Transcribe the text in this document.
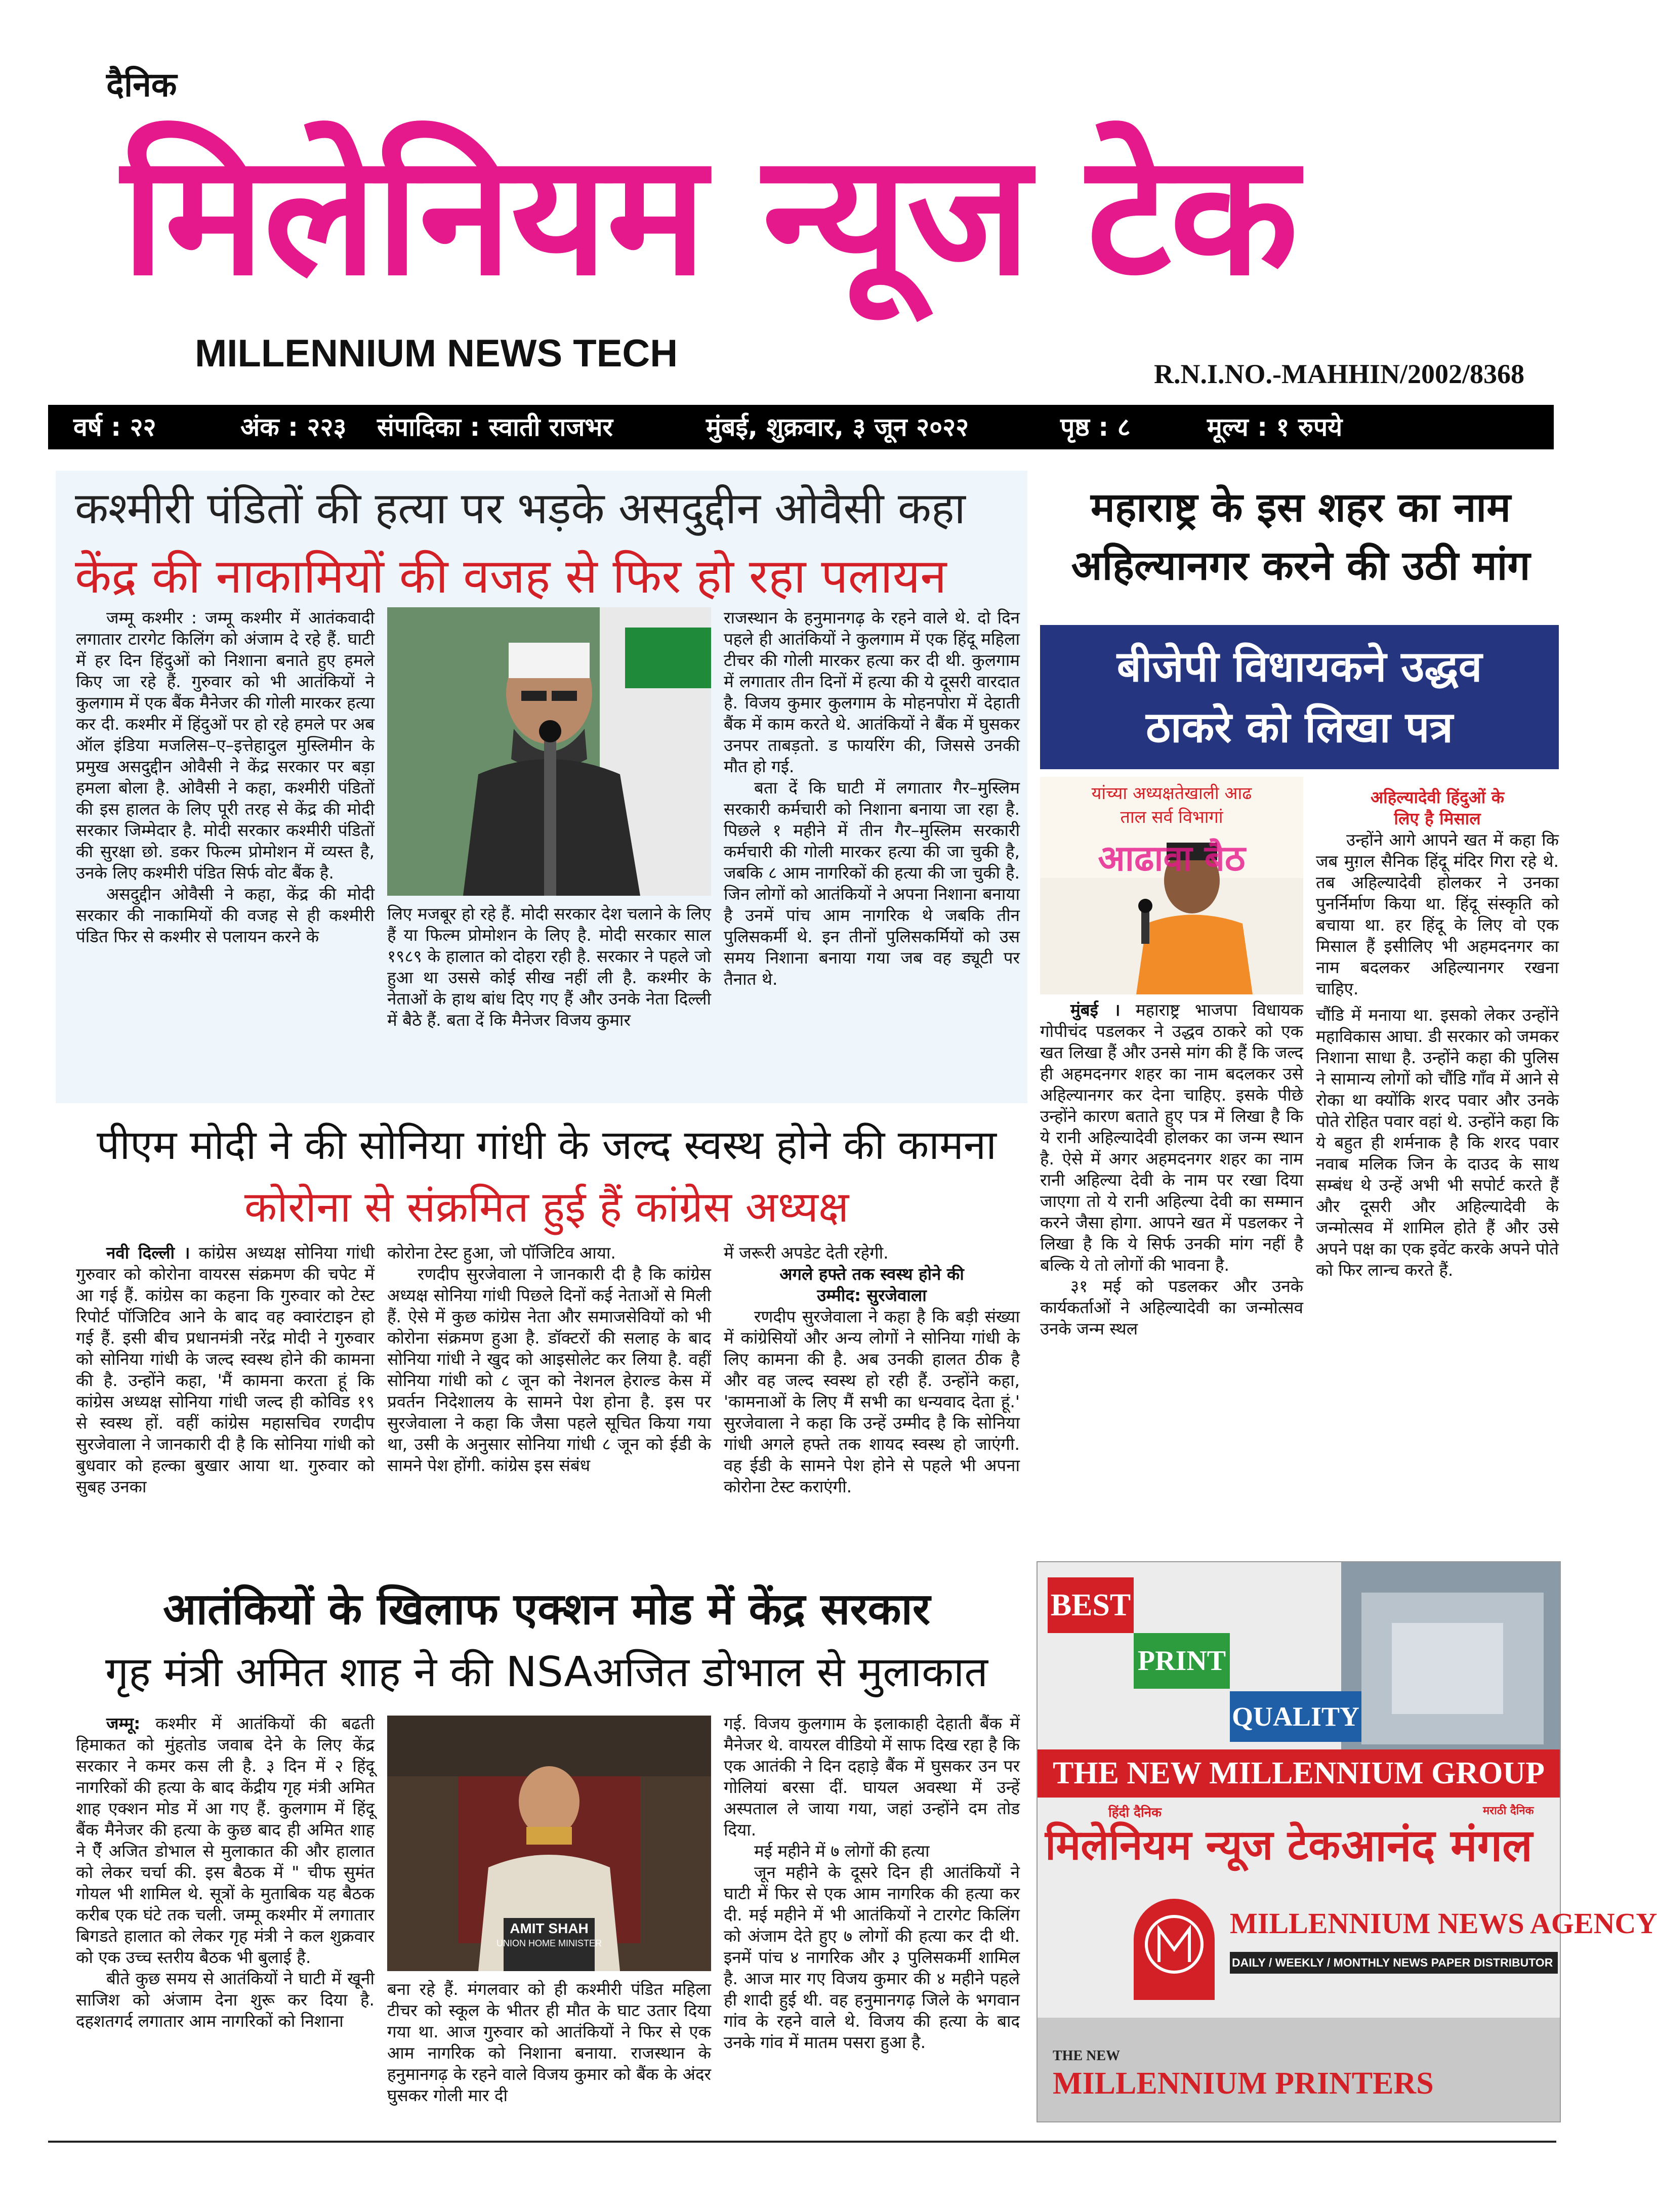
दैनिक
मिलेनियम न्यूज टेक
MILLENNIUM NEWS TECH	R.N.I.NO.-MAHHIN/2002/8368
वर्ष : २२	अंक : २२३ संपादिका : स्वाती राजभर	मुंबई, शुक्रवार, ३ जून २०२२	पृष्ठ : ८	मूल्य : १ रुपये
कश्मीरी पंडितों की हत्या पर भड़के असदुद्दीन ओवैसी कहा
केंद्र की नाकामियों की वजह से फिर हो रहा पलायन

जम्मू कश्मीर : जम्मू कश्मीर में आतंकवादी लगातार टारगेट किलिंग को अंजाम दे रहे हैं. घाटी में हर दिन हिंदुओं को निशाना बनाते हुए हमले किए जा रहे हैं. गुरुवार को भी आतंकियों ने कुलगाम में एक बैंक मैनेजर की गोली मारकर हत्या कर दी. कश्मीर में हिंदुओं पर हो रहे हमले पर अब ऑल इंडिया मजलिस–ए–इत्तेहादुल मुस्लिमीन के प्रमुख असदुद्दीन ओवैसी ने केंद्र सरकार पर बड़ा हमला बोला है. ओवैसी ने कहा, कश्मीरी पंडितों की इस हालत के लिए पूरी तरह से केंद्र की मोदी सरकार जिम्मेदार है. मोदी सरकार कश्मीरी पंडितों की सुरक्षा छो. डकर फिल्म प्रोमोशन में व्यस्त है, उनके लिए कश्मीरी पंडित सिर्फ वोट बैंक है.

असदुद्दीन ओवैसी ने कहा, केंद्र की मोदी सरकार की नाकामियों की वजह से ही कश्मीरी पंडित फिर से कश्मीर से पलायन करने के

लिए मजबूर हो रहे हैं. मोदी सरकार देश चलाने के लिए हैं या फिल्म प्रोमोशन के लिए है. मोदी सरकार साल १९८९ के हालात को दोहरा रही है. सरकार ने पहले जो हुआ था उससे कोई सीख नहीं ली है. कश्मीर के नेताओं के हाथ बांध दिए गए हैं और उनके नेता दिल्ली में बैठे हैं. बता दें कि मैनेजर विजय कुमार

राजस्थान के हनुमानगढ़ के रहने वाले थे. दो दिन पहले ही आतंकियों ने कुलगाम में एक हिंदू महिला टीचर की गोली मारकर हत्या कर दी थी. कुलगाम में लगातार तीन दिनों में हत्या की ये दूसरी वारदात है. विजय कुमार कुलगाम के मोहनपोरा में देहाती बैंक में काम करते थे. आतंकियों ने बैंक में घुसकर उनपर ताबड़तो. ड फायरिंग की, जिससे उनकी मौत हो गई.

बता दें कि घाटी में लगातार गैर–मुस्लिम सरकारी कर्मचारी को निशाना बनाया जा रहा है. पिछले १ महीने में तीन गैर–मुस्लिम सरकारी कर्मचारी की गोली मारकर हत्या की जा चुकी है, जबकि ८ आम नागरिकों की हत्या की जा चुकी है. जिन लोगों को आतंकियों ने अपना निशाना बनाया है उनमें पांच आम नागरिक थे जबकि तीन पुलिसकर्मी थे. इन तीनों पुलिसकर्मियों को उस समय निशाना बनाया गया जब वह ड्यूटी पर तैनात थे.

महाराष्ट्र के इस शहर का नाम
अहिल्यानगर करने की उठी मांग
बीजेपी विधायकने उद्धव
ठाकरे को लिखा पत्र
यांच्या अध्यक्षतेखाली आढ
ताल सर्व विभागां
आढावा बैठ

मुंबई । महाराष्ट्र भाजपा विधायक गोपीचंद पडलकर ने उद्धव ठाकरे को एक खत लिखा हैं और उनसे मांग की हैं कि जल्द ही अहमदनगर शहर का नाम बदलकर उसे अहिल्यानगर कर देना चाहिए. इसके पीछे उन्होंने कारण बताते हुए पत्र में लिखा है कि ये रानी अहिल्यादेवी होलकर का जन्म स्थान है. ऐसे में अगर अहमदनगर शहर का नाम रानी अहिल्या देवी के नाम पर रखा दिया जाएगा तो ये रानी अहिल्या देवी का सम्मान करने जैसा होगा. आपने खत में पडलकर ने लिखा है कि ये सिर्फ उनकी मांग नहीं है बल्कि ये तो लोगों की भावना है.

३१ मई को पडलकर और उनके कार्यकर्ताओं ने अहिल्यादेवी का जन्मोत्सव उनके जन्म स्थल

अहिल्यादेवी हिंदुओं के

लिए है मिसाल

उन्होंने आगे आपने खत में कहा कि जब मुग़ल सैनिक हिंदू मंदिर गिरा रहे थे. तब अहिल्यादेवी होलकर ने उनका पुनर्निर्माण किया था. हिंदू संस्कृति को बचाया था. हर हिंदू के लिए वो एक मिसाल हैं इसीलिए भी अहमदनगर का नाम बदलकर अहिल्यानगर रखना चाहिए.

चौंडि में मनाया था. इसको लेकर उन्होंने महाविकास आघा. डी सरकार को जमकर निशाना साधा है. उन्होंने कहा की पुलिस ने सामान्य लोगों को चौंडि गॉंव में आने से रोका था क्योंकि शरद पवार और उनके पोते रोहित पवार वहां थे. उन्होंने कहा कि ये बहुत ही शर्मनाक है कि शरद पवार नवाब मलिक जिन के दाउद के साथ सम्बंध थे उन्हें अभी भी सपोर्ट करते हैं और दूसरी और अहिल्यादेवी के जन्मोत्सव में शामिल होते हैं और उसे अपने पक्ष का एक इवेंट करके अपने पोते को फिर लान्च करते हैं.

पीएम मोदी ने की सोनिया गांधी के जल्द स्वस्थ होने की कामना
कोरोना से संक्रमित हुई हैं कांग्रेस अध्यक्ष

नवी दिल्ली । कांग्रेस अध्यक्ष सोनिया गांधी गुरुवार को कोरोना वायरस संक्रमण की चपेट में आ गई हैं. कांग्रेस का कहना कि गुरुवार को टेस्ट रिपोर्ट पॉजिटिव आने के बाद वह क्वारंटाइन हो गई हैं. इसी बीच प्रधानमंत्री नरेंद्र मोदी ने गुरुवार को सोनिया गांधी के जल्द स्वस्थ होने की कामना की है. उन्होंने कहा, 'मैं कामना करता हूं कि कांग्रेस अध्यक्ष सोनिया गांधी जल्द ही कोविड १९ से स्वस्थ हों. वहीं कांग्रेस महासचिव रणदीप सुरजेवाला ने जानकारी दी है कि सोनिया गांधी को बुधवार को हल्का बुखार आया था. गुरुवार को सुबह उनका

कोरोना टेस्ट हुआ, जो पॉजिटिव आया.

रणदीप सुरजेवाला ने जानकारी दी है कि कांग्रेस अध्यक्ष सोनिया गांधी पिछले दिनों कई नेताओं से मिली हैं. ऐसे में कुछ कांग्रेस नेता और समाजसेवियों को भी कोरोना संक्रमण हुआ है. डॉक्टरों की सलाह के बाद सोनिया गांधी ने खुद को आइसोलेट कर लिया है. वहीं सोनिया गांधी को ८ जून को नेशनल हेराल्ड केस में प्रवर्तन निदेशालय के सामने पेश होना है. इस पर सुरजेवाला ने कहा कि जैसा पहले सूचित किया गया था, उसी के अनुसार सोनिया गांधी ८ जून को ईडी के सामने पेश होंगी. कांग्रेस इस संबंध

में जरूरी अपडेट देती रहेगी.

अगले हफ्ते तक स्वस्थ होने की

उम्मीद: सुरजेवाला

रणदीप सुरजेवाला ने कहा है कि बड़ी संख्या में कांग्रेसियों और अन्य लोगों ने सोनिया गांधी के लिए कामना की है. अब उनकी हालत ठीक है और वह जल्द स्वस्थ हो रही हैं. उन्होंने कहा, 'कामनाओं के लिए मैं सभी का धन्यवाद देता हूं.' सुरजेवाला ने कहा कि उन्हें उम्मीद है कि सोनिया गांधी अगले हफ्ते तक शायद स्वस्थ हो जाएंगी. वह ईडी के सामने पेश होने से पहले भी अपना कोरोना टेस्ट कराएंगी.

आतंकियों के खिलाफ एक्शन मोड में केंद्र सरकार
गृह मंत्री अमित शाह ने की NSAअजित डोभाल से मुलाकात

जम्मू: कश्मीर में आतंकियों की बढती हिमाकत को मुंहतोड जवाब देने के लिए केंद्र सरकार ने कमर कस ली है. ३ दिन में २ हिंदू नागरिकों की हत्या के बाद केंद्रीय गृह मंत्री अमित शाह एक्शन मोड में आ गए हैं. कुलगाम में हिंदू बैंक मैनेजर की हत्या के कुछ बाद ही अमित शाह ने ऐंँ अजित डोभाल से मुलाकात की और हालात को लेकर चर्चा की. इस बैठक में " चीफ सुमंत गोयल भी शामिल थे. सूत्रों के मुताबिक यह बैठक करीब एक घंटे तक चली. जम्मू कश्मीर में लगातार बिगडते हालात को लेकर गृह मंत्री ने कल शुक्रवार को एक उच्च स्तरीय बैठक भी बुलाई है.

बीते कुछ समय से आतंकियों ने घाटी में खूनी साजिश को अंजाम देना शुरू कर दिया है. दहशतगर्द लगातार आम नागरिकों को निशाना

AMIT SHAH
UNION HOME MINISTER

बना रहे हैं. मंगलवार को ही कश्मीरी पंडित महिला टीचर को स्कूल के भीतर ही मौत के घाट उतार दिया गया था. आज गुरुवार को आतंकियों ने फिर से एक आम नागरिक को निशाना बनाया. राजस्थान के हनुमानगढ़ के रहने वाले विजय कुमार को बैंक के अंदर घुसकर गोली मार दी

गई. विजय कुलगाम के इलाकाही देहाती बैंक में मैनेजर थे. वायरल वीडियो में साफ दिख रहा है कि एक आतंकी ने दिन दहाड़े बैंक में घुसकर उन पर गोलियां बरसा दीं. घायल अवस्था में उन्हें अस्पताल ले जाया गया, जहां उन्होंने दम तोड दिया.

मई महीने में ७ लोगों की हत्या

जून महीने के दूसरे दिन ही आतंकियों ने घाटी में फिर से एक आम नागरिक की हत्या कर दी. मई महीने में भी आतंकियों ने टारगेट किलिंग को अंजाम देते हुए ७ लोगों की हत्या कर दी थी. इनमें पांच ४ नागरिक और ३ पुलिसकर्मी शामिल है. आज मार गए विजय कुमार की ४ महीने पहले ही शादी हुई थी. वह हनुमानगढ़ जिले के भगवान गांव के रहने वाले थे. विजय की हत्या के बाद उनके गांव में मातम पसरा हुआ है.

BEST
PRINT
QUALITY
THE NEW MILLENNIUM GROUP
हिंदी दैनिक
मिलेनियम न्यूज टेक
मराठी दैनिक
आनंद मंगल
MILLENNIUM NEWS AGENCY
DAILY / WEEKLY / MONTHLY NEWS PAPER DISTRIBUTOR
THE NEW
MILLENNIUM PRINTERS
